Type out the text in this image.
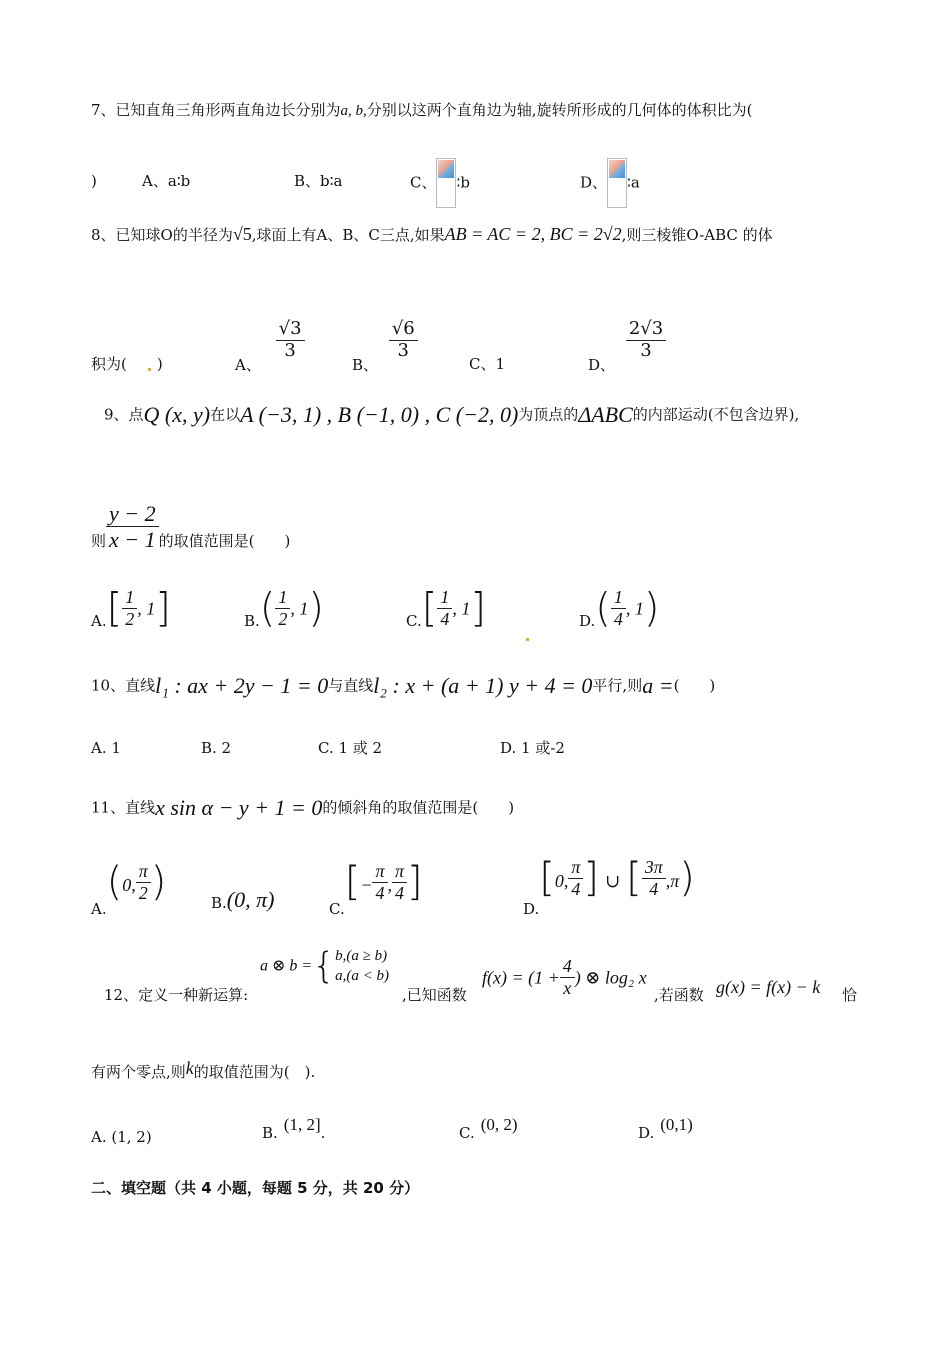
7、已知直角三角形两直角边长分别为a, b,分别以这两个直角边为轴,旋转所形成的几何体的体积比为(
)	A、a∶b	B、b∶a	C、 ∶b	D、 ∶a
8、已知球O的半径为√5,球面上有A、B、C三点,如果AB = AC = 2, BC = 2√2,则三棱锥O-ABC 的体
积为( )	A、
$\frac{√3}{3}$
B、
$\frac{√6}{3}$
C、1	D、
$\frac{2√3}{3}$
9、点Q (x, y)在以A (−3, 1) , B (−1, 0) , C (−2, 0)为顶点的ΔABC的内部运动(不包含边界),
则 $\frac{y - 2}{x - 1}$ 的取值范围是(　　)
$A.[ \frac{1}{2}$ , 1]	$B.( \frac{1}{2}$ , 1)	$C.[ \frac{1}{4}$ , 1]	$D.( \frac{1}{4}$ , 1)
10、直线l₁ : ax + 2y − 1 = 0与直线l₂ : x + (a + 1) y + 4 = 0平行,则a =(　　)
A. 1	B. 2	C. 1 或 2	D. 1 或-2
11、直线x sin α − y + 1 = 0的倾斜角的取值范围是(　　)
A.(0, $\frac{\pi}{2}$ )	B.(0, π)	$C.[- \frac{\pi}{4}$ , $\frac{\pi}{4}$ ]
D.[0, $\frac{\pi}{4}$ ] ∪ [ $\frac{3\pi}{4} ,\pi$)
a ⊗ b ={ b,(a ≥ b)
a,(a < b)
12、定义一种新运算:	,已知函数
$f(x) = (1 + \frac{4}{x}$ ) ⊗ log₂ x
,若函数 g(x) = f(x) − k 恰
有两个零点,则k的取值范围为(　).
A. (1, 2)	B. (1, 2].	C. (0, 2)	D. (0,1)
二、填空题（共 4 小题，每题 5 分，共 20 分）
